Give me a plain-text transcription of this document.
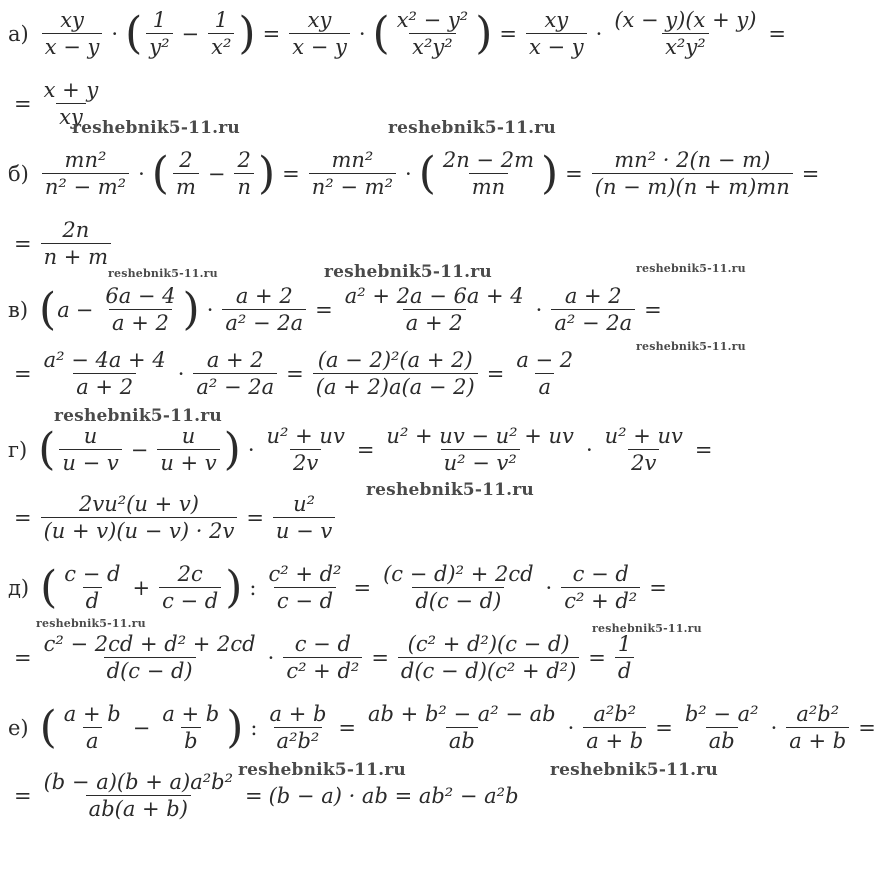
$а) \frac{xy}{x - y}$ · ( $\frac{1}{\text{y²}} - \frac{1}{\text{x²}}$ ) = $\frac{xy}{x - y}$ · ( $\frac{\text{x² − y²}}{\text{x²y²}}$ ) = $\frac{xy}{x - y} \cdot \frac{(x - y)(x + y)}{\text{x²y²}}$ =
= $\frac{x + y}{xy}$
$б) \frac{\text{mn²}}{\text{n² − m²}}$ · ( $\frac{2}{m} - \frac{2}{n}$ ) = $\frac{\text{mn²}}{\text{n² − m²}}$ · ( $\frac{2n - 2m}{mn}$ ) = $\frac{\text{mn² · 2(n − m)}}{(n - m)(n + m)mn}$ =
= $\frac{2n}{n + m}$
в) ( $a - \frac{6a - 4}{a + 2}$ ) · $\frac{a + 2}{\text{a² − 2a}} = \frac{\text{a² + 2a − 6a + 4}}{a + 2} \cdot \frac{a + 2}{\text{a² − 2a}}$ =
= $\frac{\text{a² − 4a + 4}}{a + 2} \cdot \frac{a + 2}{\text{a² − 2a}} = \frac{\text{(a − 2)²(a + 2)}}{(a + 2)a(a - 2)} = \frac{a - 2}{a}$
г) ( $\frac{u}{u - v} - \frac{u}{u + v}$ ) · $\frac{\text{u² + uv}}{2v} = \frac{\text{u² + uv − u² + uv}}{\text{u² − v²}} \cdot \frac{\text{u² + uv}}{2v}$ =
= $\frac{\text{2vu²(u + v)}}{(u + v)(u - v) \cdot 2v} = \frac{\text{u²}}{u - v}$
д) ( $\frac{c - d}{d} + \frac{2c}{c - d}$ ) : $\frac{\text{c² + d²}}{c - d} = \frac{\text{(c − d)² + 2cd}}{d(c - d)} \cdot \frac{c - d}{\text{c² + d²}}$ =
= $\frac{\text{c² − 2cd + d² + 2cd}}{d(c - d)} \cdot \frac{c - d}{\text{c² + d²}} = \frac{\text{(c² + d²)(c − d)}}{\text{d(c − d)(c² + d²)}} = \frac{1}{d}$
е) ( $\frac{a + b}{a} - \frac{a + b}{b}$ ) : $\frac{a + b}{\text{a²b²}} = \frac{\text{ab + b² − a² − ab}}{ab} \cdot \frac{\text{a²b²}}{a + b} = \frac{\text{b² − a²}}{ab} \cdot \frac{\text{a²b²}}{a + b}$ =
= $\frac{\text{(b − a)(b + a)a²b²}}{ab(a + b)} = (b - a)$ · ab = ab² − a²b
reshebnik5-11.ru	reshebnik5-11.ru
reshebnik5-11.ru	reshebnik5-11.ru	reshebnik5-11.ru
reshebnik5-11.ru
reshebnik5-11.ru
reshebnik5-11.ru
reshebnik5-11.ru	reshebnik5-11.ru
reshebnik5-11.ru	reshebnik5-11.ru
